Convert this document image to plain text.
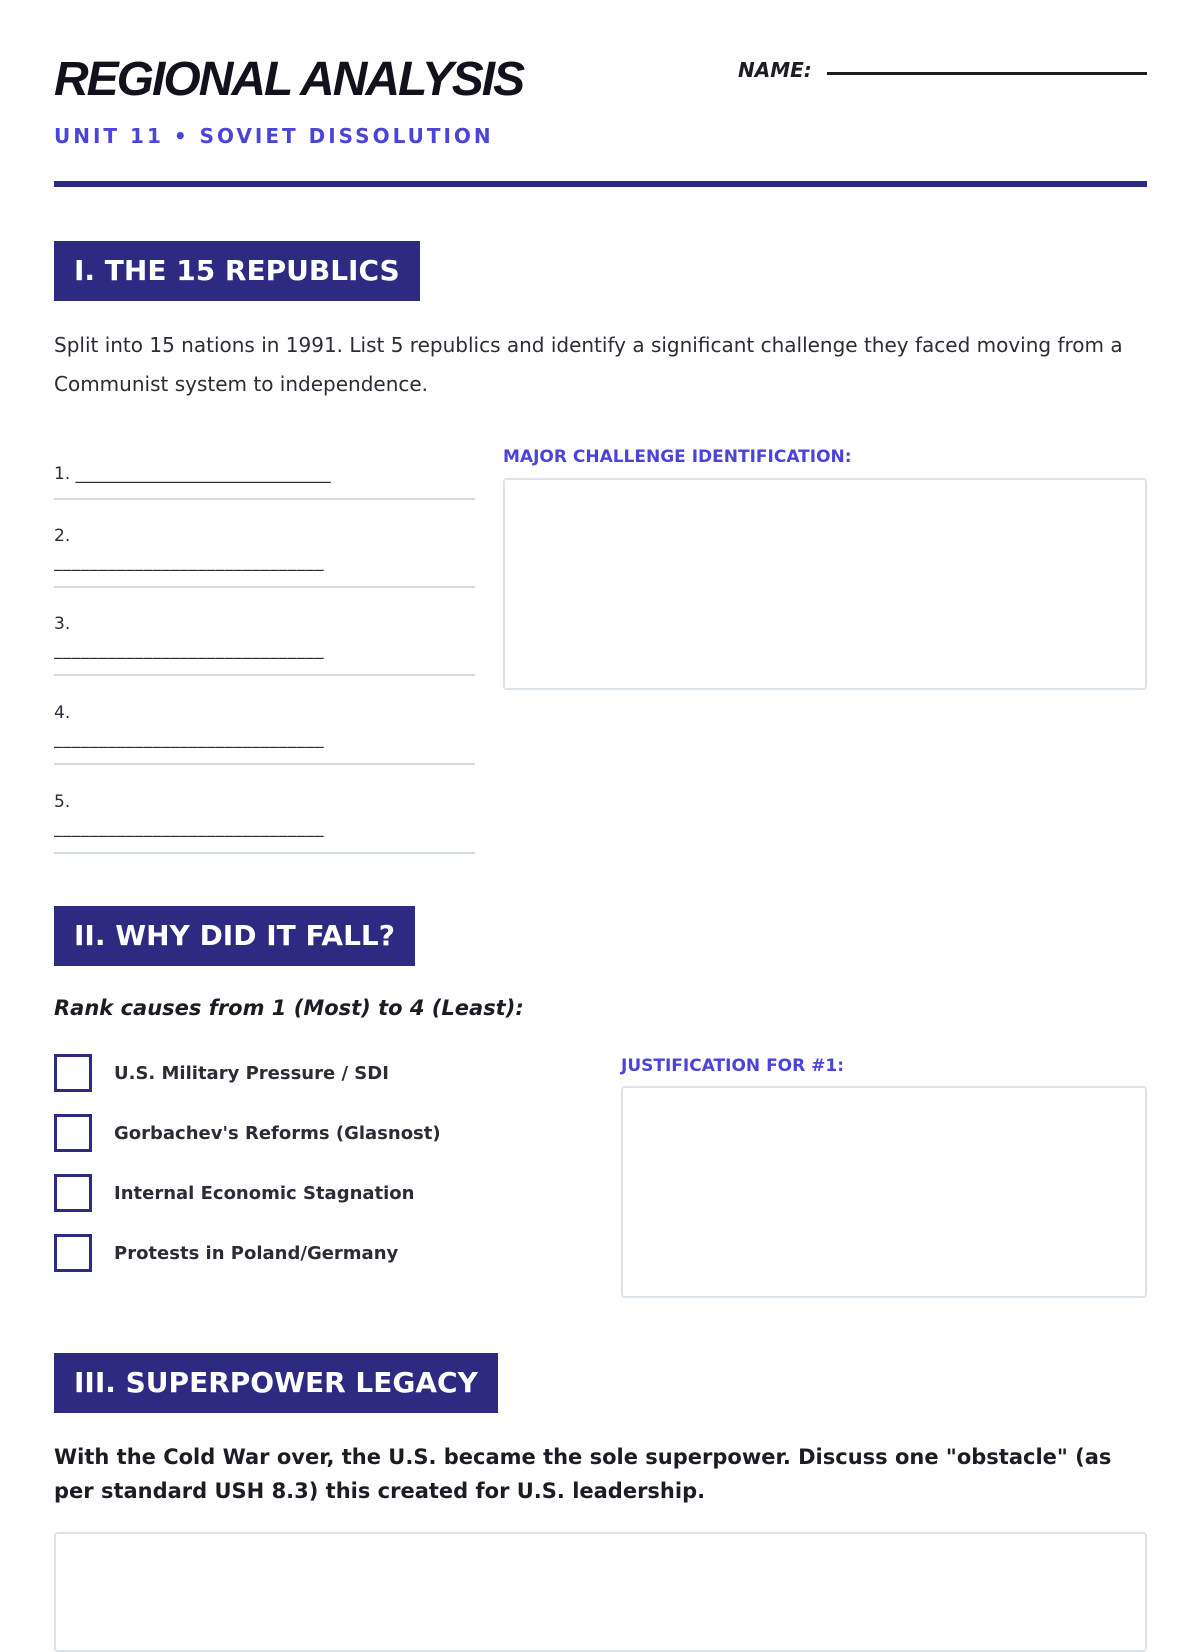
REGIONAL ANALYSIS
UNIT 11 • SOVIET DISSOLUTION
NAME:
I. THE 15 REPUBLICS
Split into 15 nations in 1991. List 5 republics and identify a significant challenge they faced moving from a Communist system to independence.
1. ______________________________
2.
______________________________
3.
______________________________
4.
______________________________
5.
______________________________
MAJOR CHALLENGE IDENTIFICATION:
II. WHY DID IT FALL?
Rank causes from 1 (Most) to 4 (Least):
U.S. Military Pressure / SDI
Gorbachev's Reforms (Glasnost)
Internal Economic Stagnation
Protests in Poland/Germany
JUSTIFICATION FOR #1:
III. SUPERPOWER LEGACY
With the Cold War over, the U.S. became the sole superpower. Discuss one "obstacle" (as per standard USH 8.3) this created for U.S. leadership.
